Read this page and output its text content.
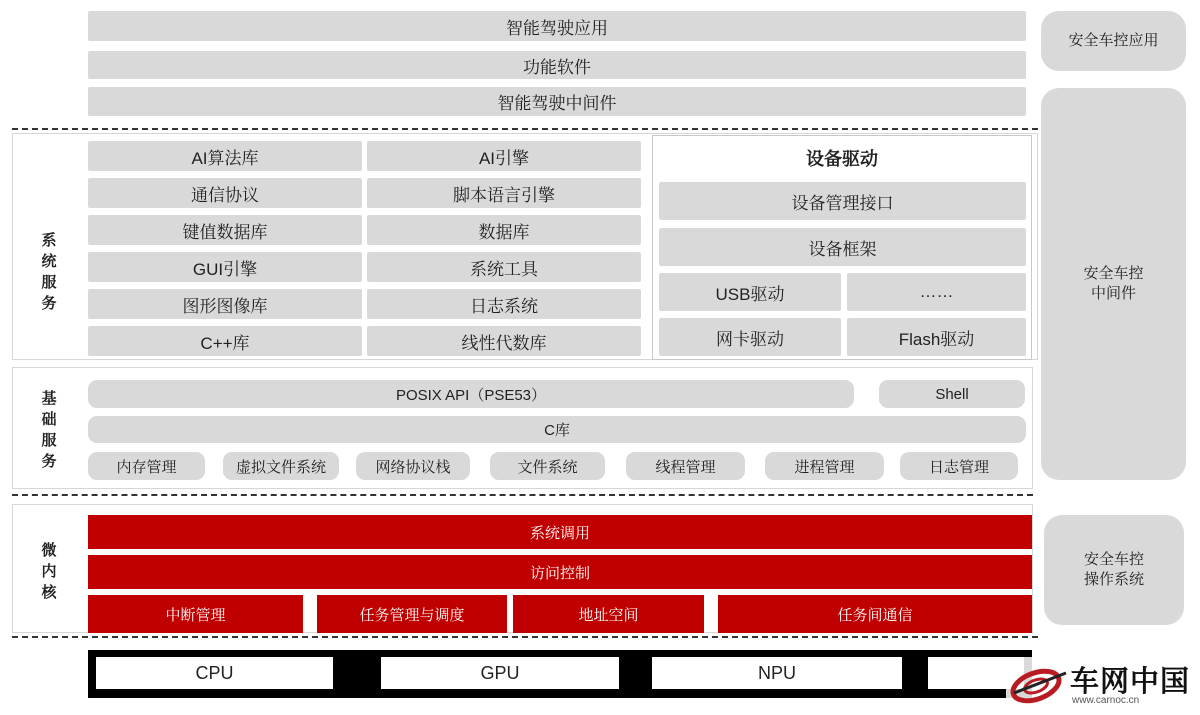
智能驾驶应用
功能软件
智能驾驶中间件
系统服务
AI算法库
通信协议
键值数据库
GUI引擎
图形图像库
C++库
AI引擎
脚本语言引擎
数据库
系统工具
日志系统
线性代数库
设备驱动
设备管理接口
设备框架
USB驱动	……
网卡驱动	Flash驱动
基础服务
POSIX API（PSE53）	Shell
C库
内存管理	虚拟文件系统	网络协议栈	文件系统	线程管理	进程管理	日志管理
微内核
系统调用
访问控制
中断管理	任务管理与调度	地址空间	任务间通信
CPU	GPU	NPU
安全车控应用
安全车控
中间件
安全车控
操作系统
车网中国
www.carnoc.cn
